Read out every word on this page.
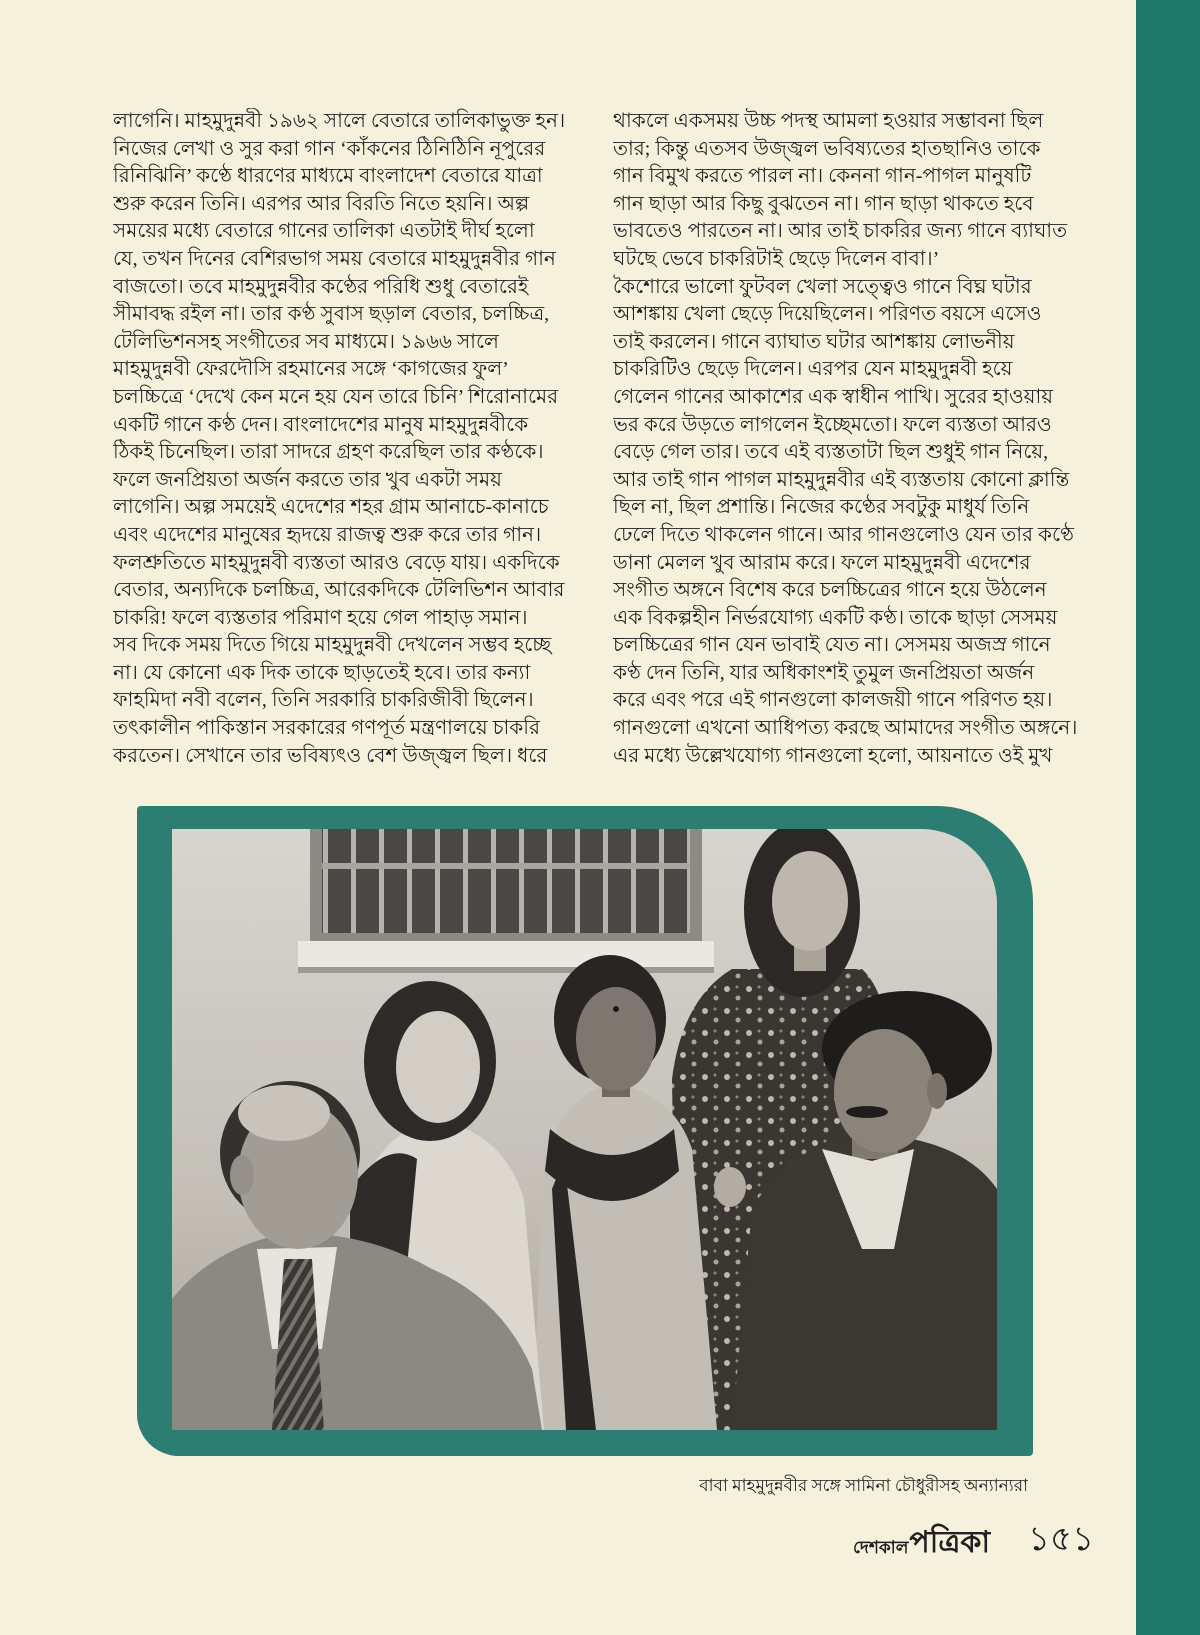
লাগেনি। মাহমুদুন্নবী ১৯৬২ সালে বেতারে তালিকাভুক্ত হন।
নিজের লেখা ও সুর করা গান ‘কাঁকনের ঠিনিঠিনি নূপুরের
রিনিঝিনি’ কণ্ঠে ধারণের মাধ্যমে বাংলাদেশ বেতারে যাত্রা
শুরু করেন তিনি। এরপর আর বিরতি নিতে হয়নি। অল্প
সময়ের মধ্যে বেতারে গানের তালিকা এতটাই দীর্ঘ হলো
যে, তখন দিনের বেশিরভাগ সময় বেতারে মাহমুদুন্নবীর গান
বাজতো। তবে মাহমুদুন্নবীর কণ্ঠের পরিধি শুধু বেতারেই
সীমাবদ্ধ রইল না। তার কণ্ঠ সুবাস ছড়াল বেতার, চলচ্চিত্র,
টেলিভিশনসহ সংগীতের সব মাধ্যমে। ১৯৬৬ সালে
মাহমুদুন্নবী ফেরদৌসি রহমানের সঙ্গে ‘কাগজের ফুল’
চলচ্চিত্রে ‘দেখে কেন মনে হয় যেন তারে চিনি’ শিরোনামের
একটি গানে কণ্ঠ দেন। বাংলাদেশের মানুষ মাহমুদুন্নবীকে
ঠিকই চিনেছিল। তারা সাদরে গ্রহণ করেছিল তার কণ্ঠকে।
ফলে জনপ্রিয়তা অর্জন করতে তার খুব একটা সময়
লাগেনি। অল্প সময়েই এদেশের শহর গ্রাম আনাচে-কানাচে
এবং এদেশের মানুষের হৃদয়ে রাজত্ব শুরু করে তার গান।
ফলশ্রুতিতে মাহমুদুন্নবী ব্যস্ততা আরও বেড়ে যায়। একদিকে
বেতার, অন্যদিকে চলচ্চিত্র, আরেকদিকে টেলিভিশন আবার
চাকরি! ফলে ব্যস্ততার পরিমাণ হয়ে গেল পাহাড় সমান।
সব দিকে সময় দিতে গিয়ে মাহমুদুন্নবী দেখলেন সম্ভব হচ্ছে
না। যে কোনো এক দিক তাকে ছাড়তেই হবে। তার কন্যা
ফাহমিদা নবী বলেন, তিনি সরকারি চাকরিজীবী ছিলেন।
তৎকালীন পাকিস্তান সরকারের গণপূর্ত মন্ত্রণালয়ে চাকরি
করতেন। সেখানে তার ভবিষ্যৎও বেশ উজ্জ্বল ছিল। ধরে
থাকলে একসময় উচ্চ পদস্থ আমলা হওয়ার সম্ভাবনা ছিল
তার; কিন্তু এতসব উজ্জ্বল ভবিষ্যতের হাতছানিও তাকে
গান বিমুখ করতে পারল না। কেননা গান-পাগল মানুষটি
গান ছাড়া আর কিছু বুঝতেন না। গান ছাড়া থাকতে হবে
ভাবতেও পারতেন না। আর তাই চাকরির জন্য গানে ব্যাঘাত
ঘটছে ভেবে চাকরিটাই ছেড়ে দিলেন বাবা।’
কৈশোরে ভালো ফুটবল খেলা সত্ত্বেও গানে বিঘ্ন ঘটার
আশঙ্কায় খেলা ছেড়ে দিয়েছিলেন। পরিণত বয়সে এসেও
তাই করলেন। গানে ব্যাঘাত ঘটার আশঙ্কায় লোভনীয়
চাকরিটিও ছেড়ে দিলেন। এরপর যেন মাহমুদুন্নবী হয়ে
গেলেন গানের আকাশের এক স্বাধীন পাখি। সুরের হাওয়ায়
ভর করে উড়তে লাগলেন ইচ্ছেমতো। ফলে ব্যস্ততা আরও
বেড়ে গেল তার। তবে এই ব্যস্ততাটা ছিল শুধুই গান নিয়ে,
আর তাই গান পাগল মাহমুদুন্নবীর এই ব্যস্ততায় কোনো ক্লান্তি
ছিল না, ছিল প্রশান্তি। নিজের কণ্ঠের সবটুকু মাধুর্য তিনি
ঢেলে দিতে থাকলেন গানে। আর গানগুলোও যেন তার কণ্ঠে
ডানা মেলল খুব আরাম করে। ফলে মাহমুদুন্নবী এদেশের
সংগীত অঙ্গনে বিশেষ করে চলচ্চিত্রের গানে হয়ে উঠলেন
এক বিকল্পহীন নির্ভরযোগ্য একটি কণ্ঠ। তাকে ছাড়া সেসময়
চলচ্চিত্রের গান যেন ভাবাই যেত না। সেসময় অজস্র গানে
কণ্ঠ দেন তিনি, যার অধিকাংশই তুমুল জনপ্রিয়তা অর্জন
করে এবং পরে এই গানগুলো কালজয়ী গানে পরিণত হয়।
গানগুলো এখনো আধিপত্য করছে আমাদের সংগীত অঙ্গনে।
এর মধ্যে উল্লেখযোগ্য গানগুলো হলো, আয়নাতে ওই মুখ
বাবা মাহমুদুন্নবীর সঙ্গে সামিনা চৌধুরীসহ অন্যান্যরা
দেশকাল পত্রিকা ১৫১
